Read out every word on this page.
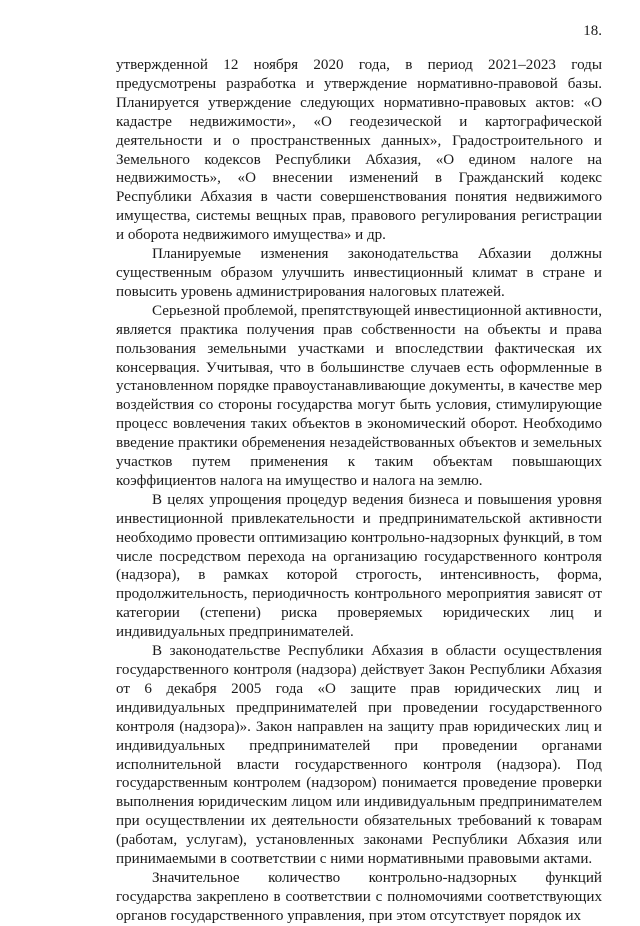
18.

утвержденной 12 ноября 2020 года, в период 2021–2023 годы предусмотрены разработка и утверждение нормативно-правовой базы. Планируется утверждение следующих нормативно-правовых актов: «О кадастре недвижимости», «О геодезической и картографической деятельности и о пространственных данных», Градостроительного и Земельного кодексов Республики Абхазия, «О едином налоге на недвижимость», «О внесении изменений в Гражданский кодекс Республики Абхазия в части совершенствования понятия недвижимого имущества, системы вещных прав, правового регулирования регистрации и оборота недвижимого имущества» и др.

Планируемые изменения законодательства Абхазии должны существенным образом улучшить инвестиционный климат в стране и повысить уровень администрирования налоговых платежей.

Серьезной проблемой, препятствующей инвестиционной активности, является практика получения прав собственности на объекты и права пользования земельными участками и впоследствии фактическая их консервация. Учитывая, что в большинстве случаев есть оформленные в установленном порядке правоустанавливающие документы, в качестве мер воздействия со стороны государства могут быть условия, стимулирующие процесс вовлечения таких объектов в экономический оборот. Необходимо введение практики обременения незадействованных объектов и земельных участков путем применения к таким объектам повышающих коэффициентов налога на имущество и налога на землю.

В целях упрощения процедур ведения бизнеса и повышения уровня инвестиционной привлекательности и предпринимательской активности необходимо провести оптимизацию контрольно-надзорных функций, в том числе посредством перехода на организацию государственного контроля (надзора), в рамках которой строгость, интенсивность, форма, продолжительность, периодичность контрольного мероприятия зависят от категории (степени) риска проверяемых юридических лиц и индивидуальных предпринимателей.

В законодательстве Республики Абхазия в области осуществления государственного контроля (надзора) действует Закон Республики Абхазия от 6 декабря 2005 года «О защите прав юридических лиц и индивидуальных предпринимателей при проведении государственного контроля (надзора)». Закон направлен на защиту прав юридических лиц и индивидуальных предпринимателей при проведении органами исполнительной власти государственного контроля (надзора). Под государственным контролем (надзором) понимается проведение проверки выполнения юридическим лицом или индивидуальным предпринимателем при осуществлении их деятельности обязательных требований к товарам (работам, услугам), установленных законами Республики Абхазия или принимаемыми в соответствии с ними нормативными правовыми актами.

Значительное количество контрольно-надзорных функций государства закреплено в соответствии с полномочиями соответствующих органов государственного управления, при этом отсутствует порядок их
